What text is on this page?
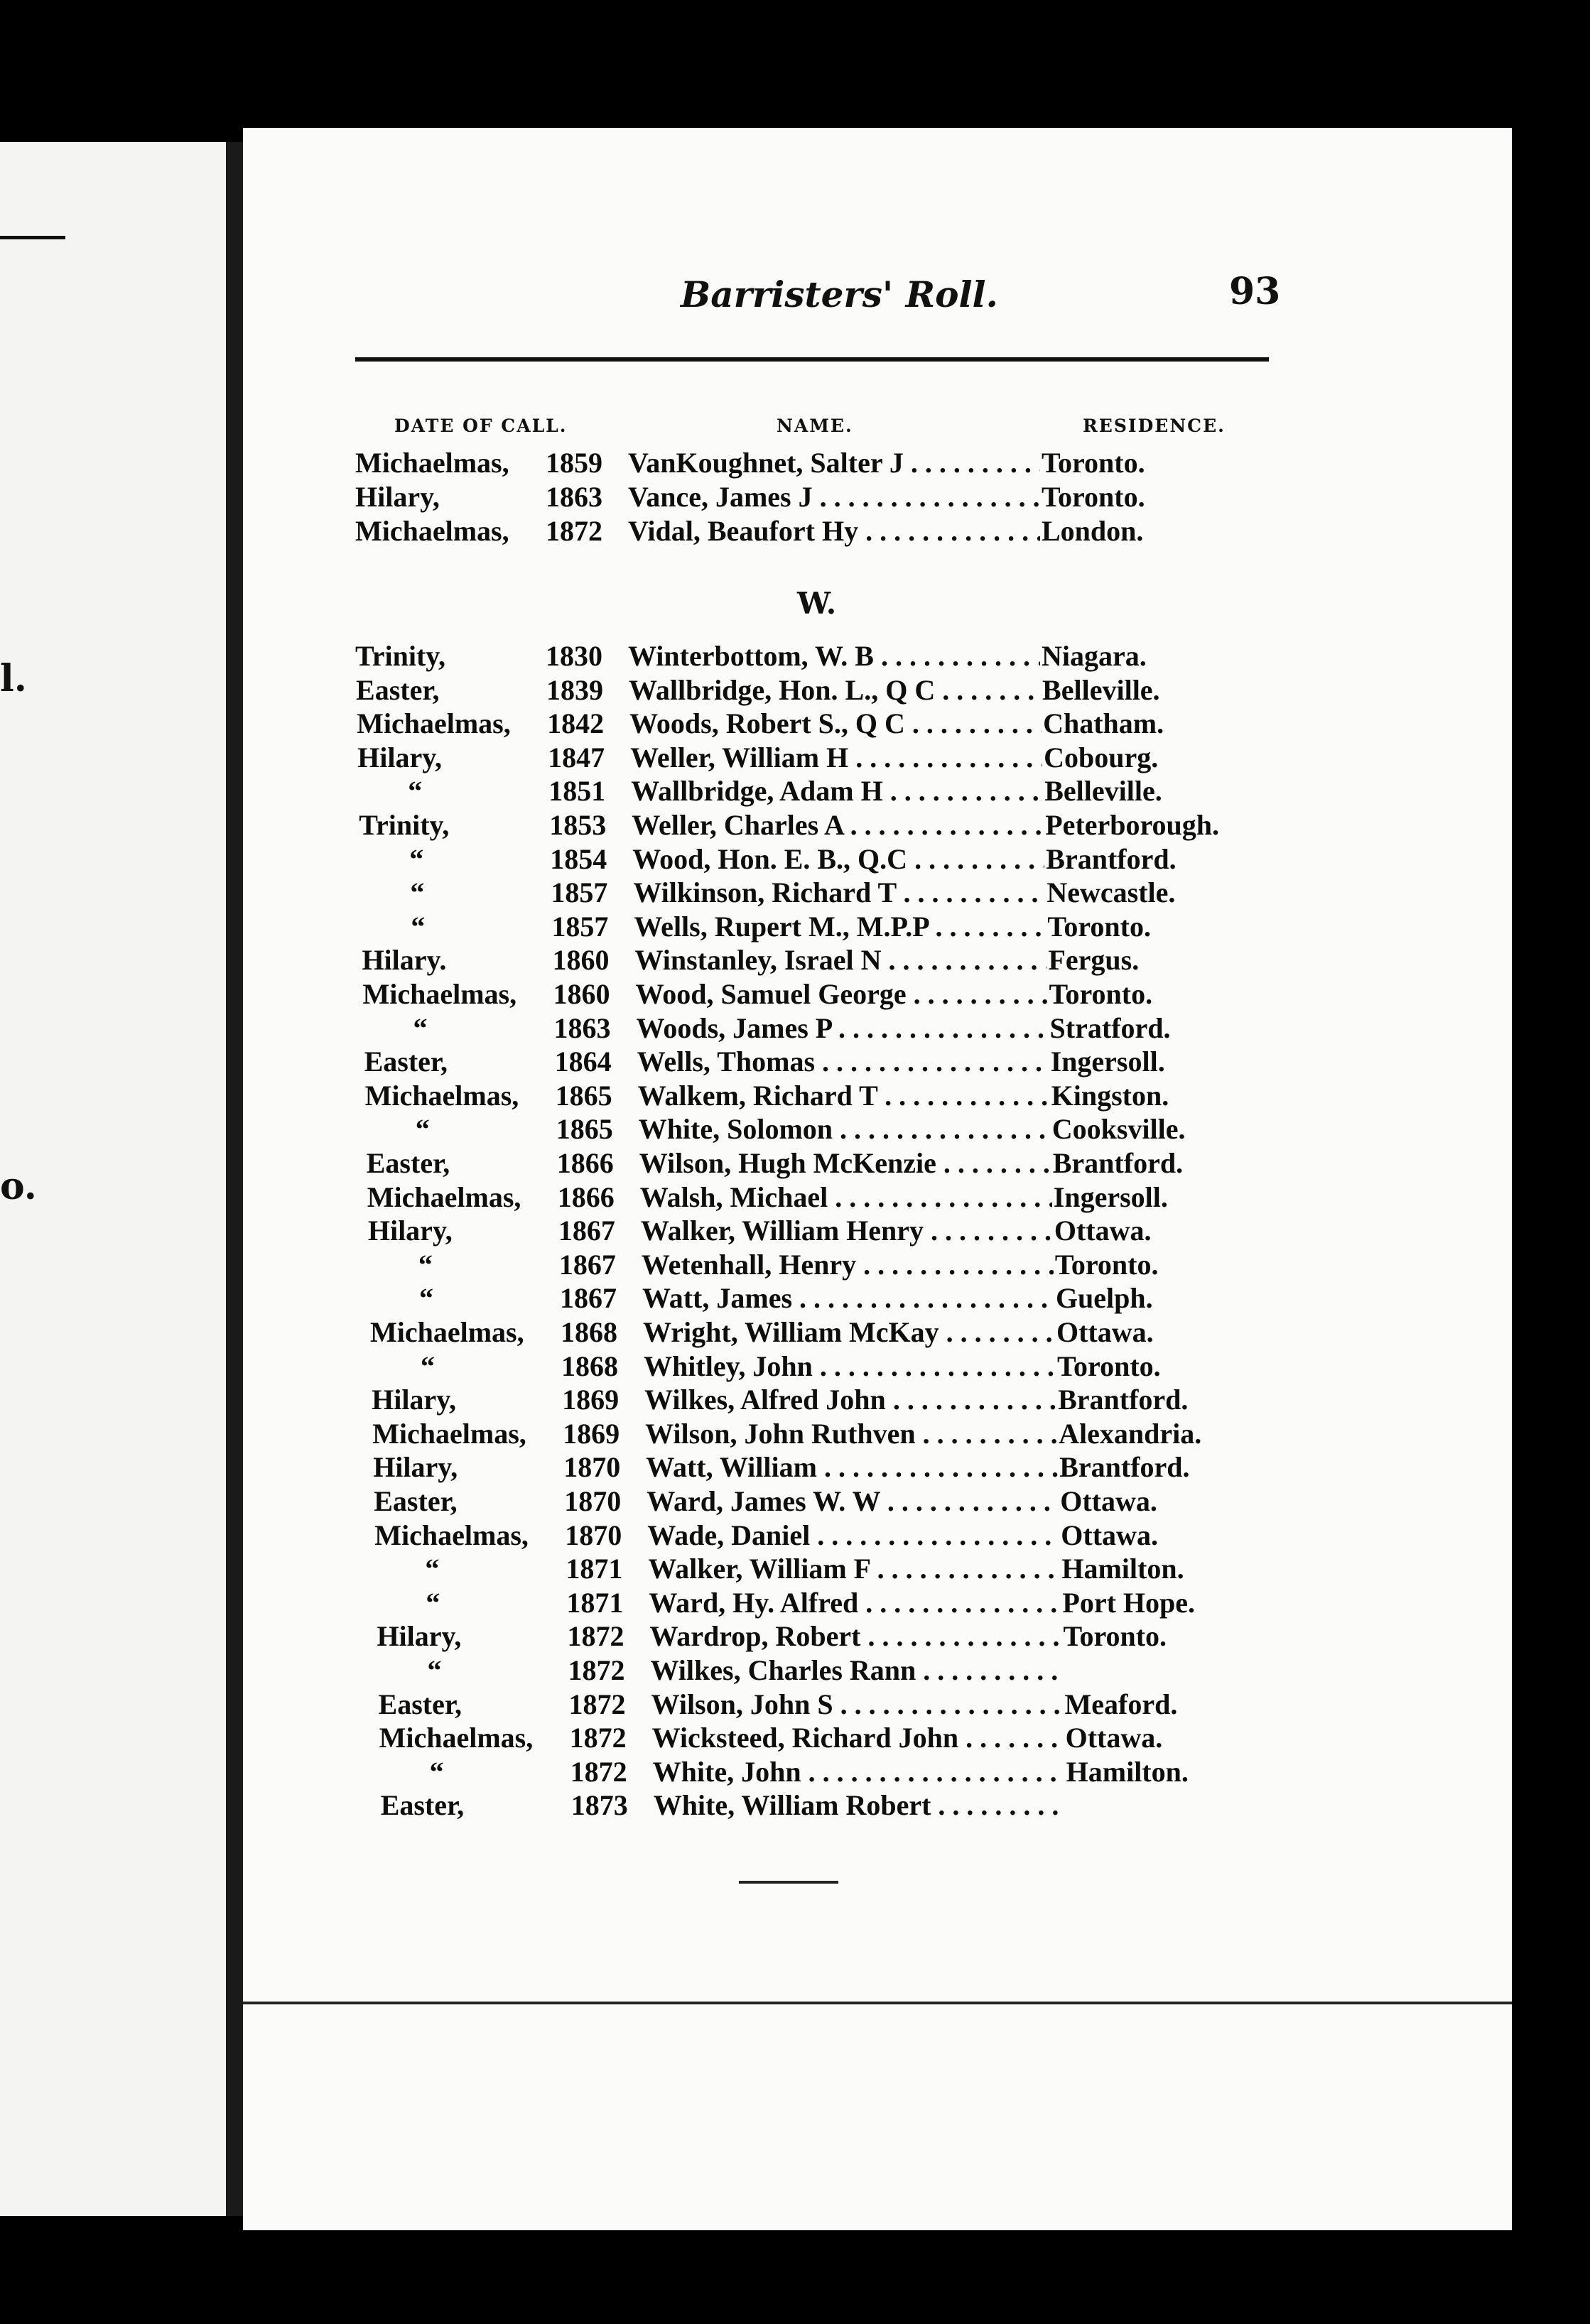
l.
o.
Barristers' Roll.	93
DATE OF CALL.	NAME.	RESIDENCE.
Michaelmas, 1859 VanKoughnet, Salter J . . .	Toronto.
Hilary,	1863 Vance, James J . . .	Toronto.
Michaelmas, 1872 Vidal, Beaufort Hy . . .	London.
W.
Trinity,	1830 Winterbottom, W. B . . .	Niagara.
Easter,	1839 Wallbridge, Hon. L., Q C . . .	Belleville.
Michaelmas, 1842 Woods, Robert S., Q C . . .	Chatham.
Hilary,	1847 Weller, William H . . .	Cobourg.
“	1851 Wallbridge, Adam H . . .	Belleville.
Trinity,	1853 Weller, Charles A . . .	Peterborough.
“	1854 Wood, Hon. E. B., Q.C . . .	Brantford.
“	1857 Wilkinson, Richard T . . .	Newcastle.
“	1857 Wells, Rupert M., M.P.P . . .	Toronto.
Hilary.	1860 Winstanley, Israel N . . .	Fergus.
Michaelmas, 1860 Wood, Samuel George . . .	Toronto.
“	1863 Woods, James P . . .	Stratford.
Easter,	1864 Wells, Thomas . . .	Ingersoll.
Michaelmas, 1865 Walkem, Richard T . . .	Kingston.
“	1865 White, Solomon . . .	Cooksville.
Easter,	1866 Wilson, Hugh McKenzie . . .	Brantford.
Michaelmas, 1866 Walsh, Michael . . .	Ingersoll.
Hilary,	1867 Walker, William Henry . . .	Ottawa.
“	1867 Wetenhall, Henry . . .	Toronto.
“	1867 Watt, James . . .	Guelph.
Michaelmas, 1868 Wright, William McKay . . .	Ottawa.
“	1868 Whitley, John . . .	Toronto.
Hilary,	1869 Wilkes, Alfred John . . .	Brantford.
Michaelmas, 1869 Wilson, John Ruthven . . .	Alexandria.
Hilary,	1870 Watt, William . . .	Brantford.
Easter,	1870 Ward, James W. W . . .	Ottawa.
Michaelmas, 1870 Wade, Daniel . . .	Ottawa.
“	1871 Walker, William F . . .	Hamilton.
“	1871 Ward, Hy. Alfred . . .	Port Hope.
Hilary,	1872 Wardrop, Robert . . .	Toronto.
“	1872 Wilkes, Charles Rann . . .
Easter,	1872 Wilson, John S . . .	Meaford.
Michaelmas, 1872 Wicksteed, Richard John . . .	Ottawa.
“	1872 White, John . . .	Hamilton.
Easter,	1873 White, William Robert . . .
